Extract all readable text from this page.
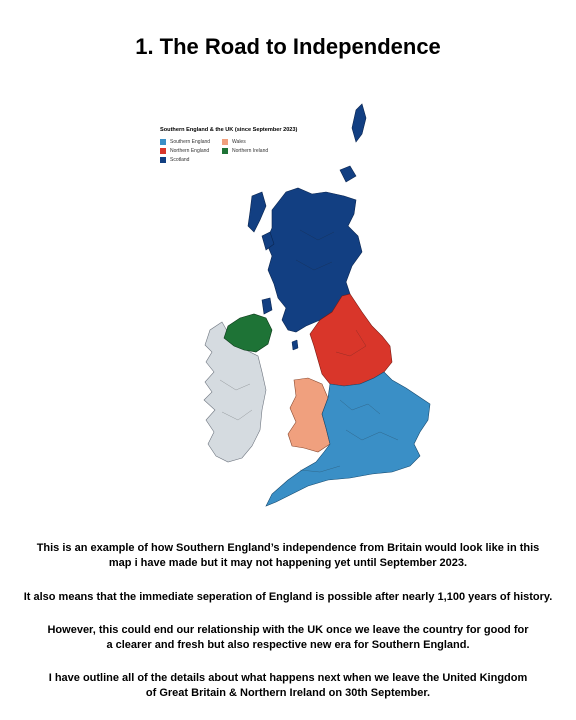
1. The Road to Independence
Southern England & the UK (since September 2023)
Southern England	Wales
Northern England	Northern Ireland
Scotland
This is an example of how Southern England’s independence from Britain would look like in this
map i have made but it may not happening yet until September 2023.
It also means that the immediate seperation of England is possible after nearly 1,100 years of history.
However, this could end our relationship with the UK once we leave the country for good for
a clearer and fresh but also respective new era for Southern England.
I have outline all of the details about what happens next when we leave the United Kingdom
of Great Britain & Northern Ireland on 30th September.
